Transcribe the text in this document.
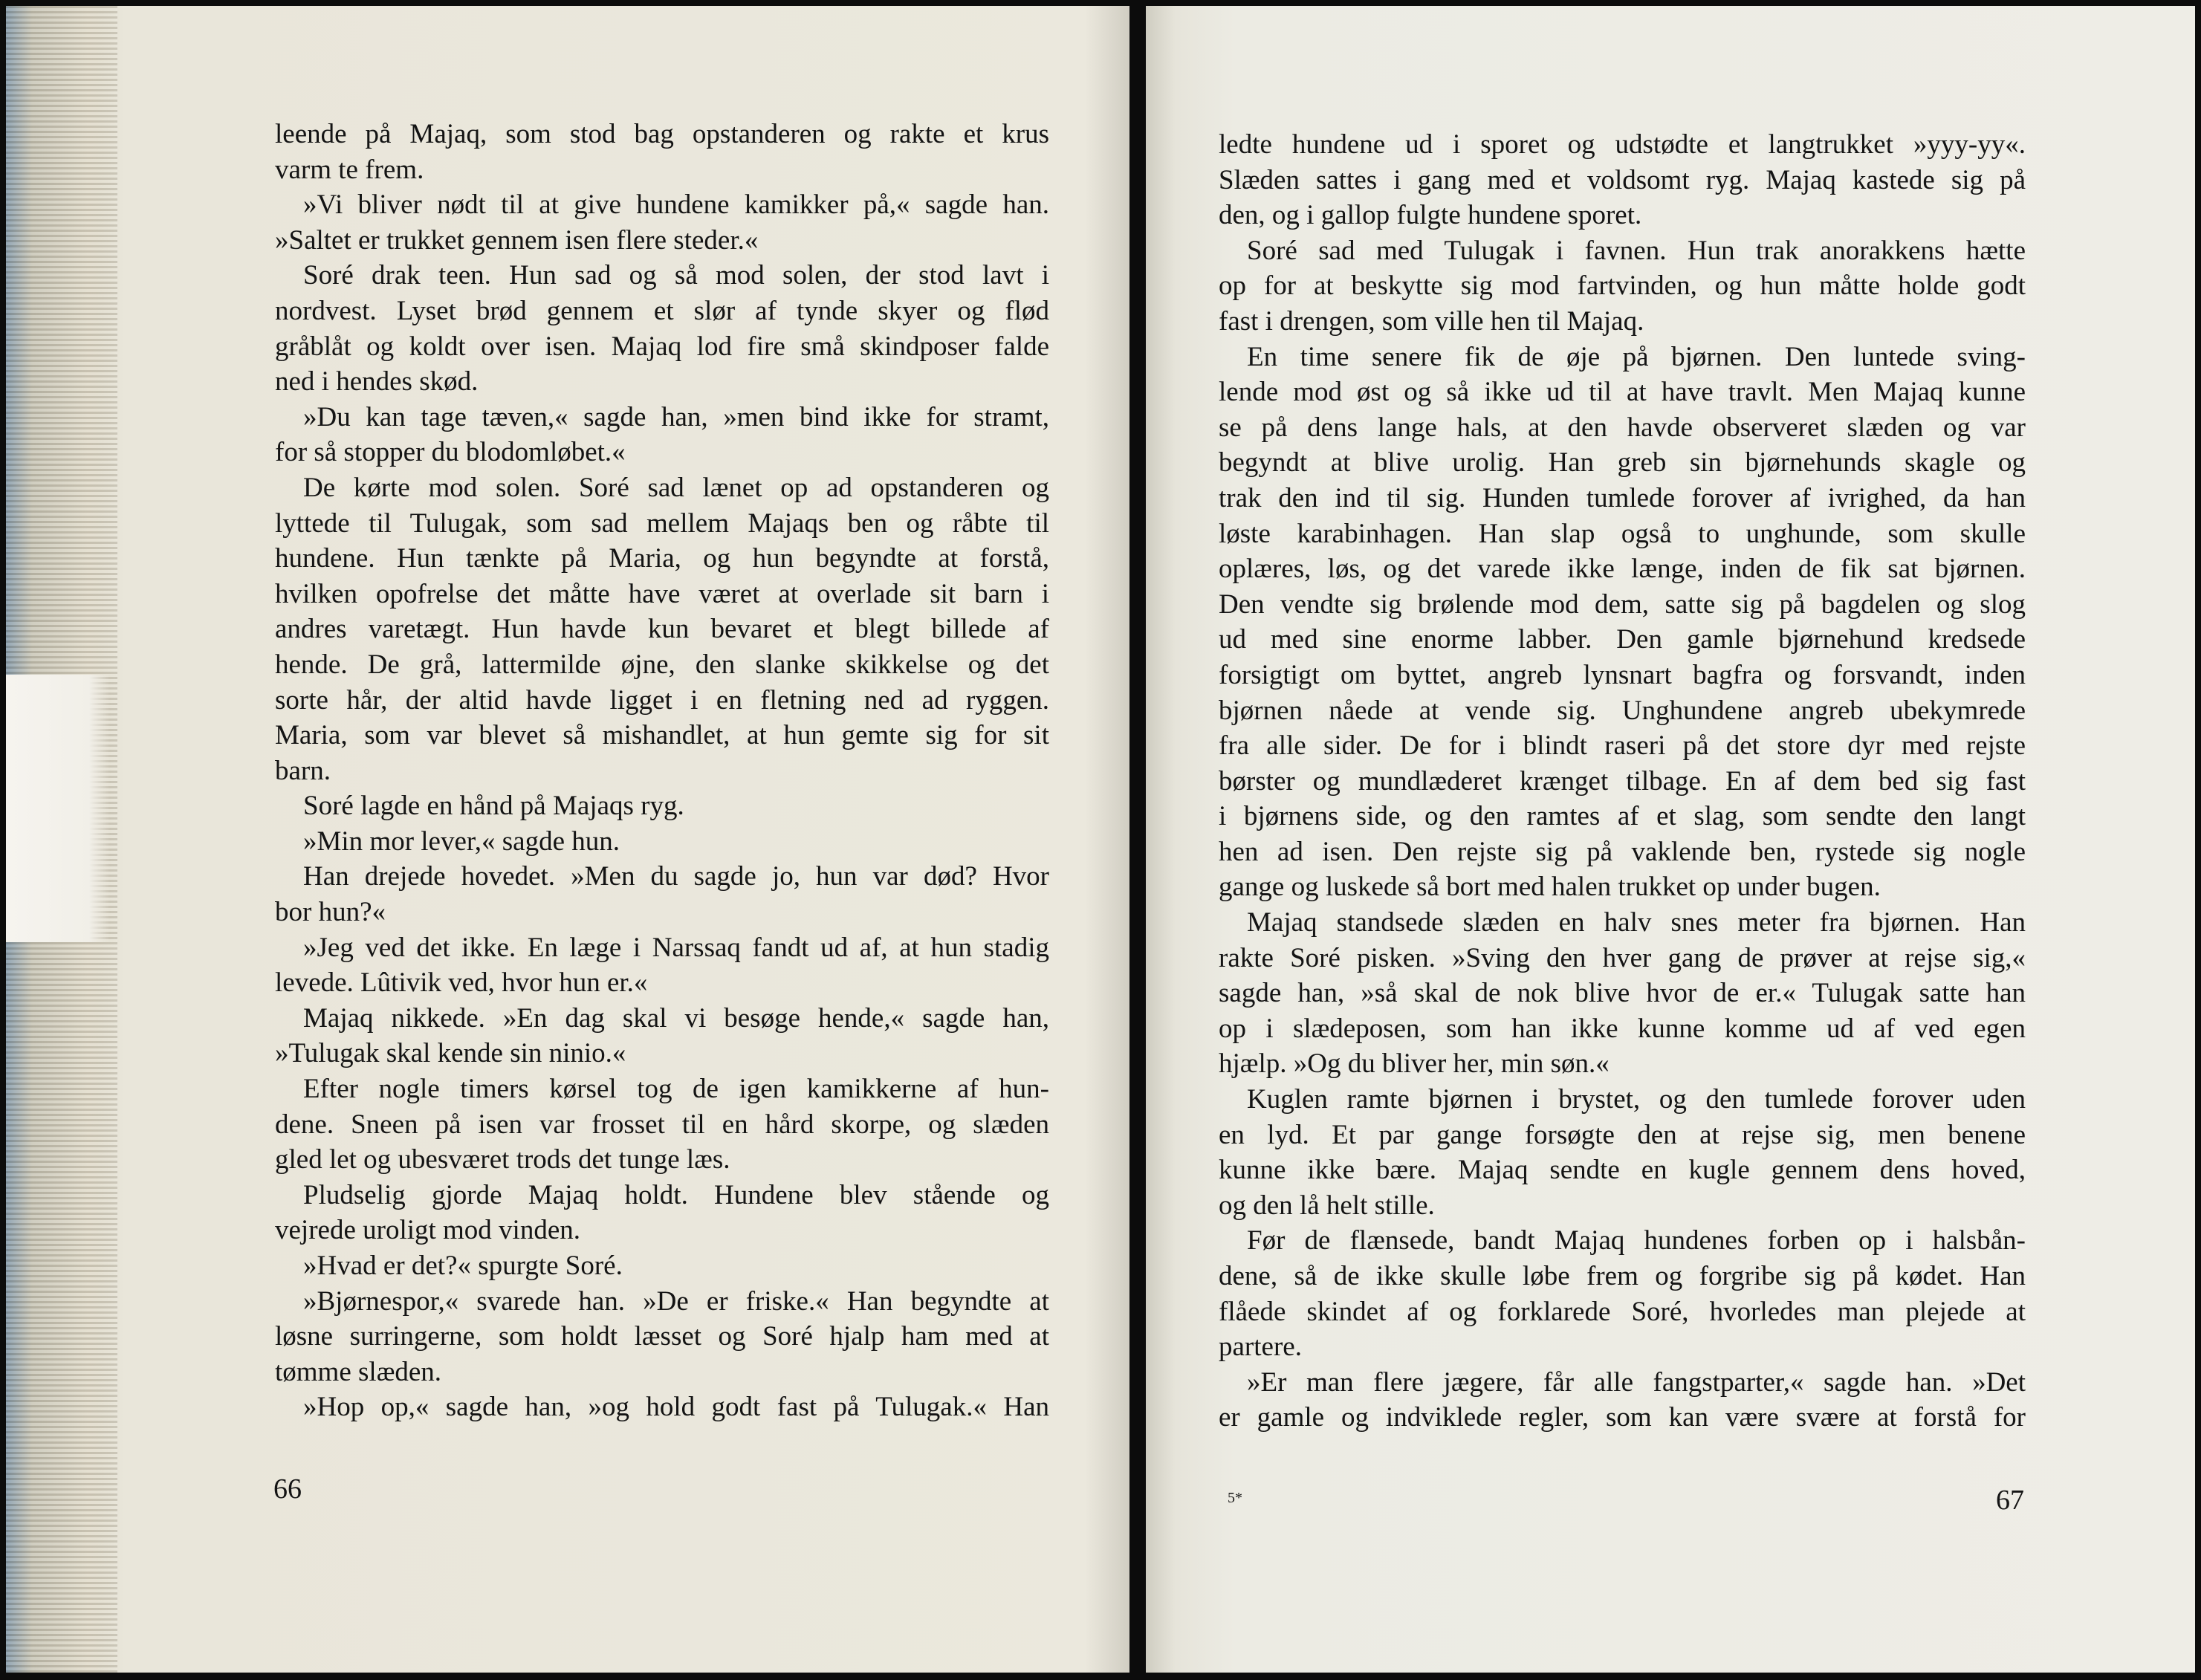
leende på Majaq, som stod bag opstanderen og rakte et krus

varm te frem.

»Vi bliver nødt til at give hundene kamikker på,« sagde han.

»Saltet er trukket gennem isen flere steder.«

Soré drak teen. Hun sad og så mod solen, der stod lavt i

nordvest. Lyset brød gennem et slør af tynde skyer og flød

gråblåt og koldt over isen. Majaq lod fire små skindposer falde

ned i hendes skød.

»Du kan tage tæven,« sagde han, »men bind ikke for stramt,

for så stopper du blodomløbet.«

De kørte mod solen. Soré sad lænet op ad opstanderen og

lyttede til Tulugak, som sad mellem Majaqs ben og råbte til

hundene. Hun tænkte på Maria, og hun begyndte at forstå,

hvilken opofrelse det måtte have været at overlade sit barn i

andres varetægt. Hun havde kun bevaret et blegt billede af

hende. De grå, lattermilde øjne, den slanke skikkelse og det

sorte hår, der altid havde ligget i en fletning ned ad ryggen.

Maria, som var blevet så mishandlet, at hun gemte sig for sit

barn.

Soré lagde en hånd på Majaqs ryg.

»Min mor lever,« sagde hun.

Han drejede hovedet. »Men du sagde jo, hun var død? Hvor

bor hun?«

»Jeg ved det ikke. En læge i Narssaq fandt ud af, at hun stadig

levede. Lûtivik ved, hvor hun er.«

Majaq nikkede. »En dag skal vi besøge hende,« sagde han,

»Tulugak skal kende sin ninio.«

Efter nogle timers kørsel tog de igen kamikkerne af hun-

dene. Sneen på isen var frosset til en hård skorpe, og slæden

gled let og ubesværet trods det tunge læs.

Pludselig gjorde Majaq holdt. Hundene blev stående og

vejrede uroligt mod vinden.

»Hvad er det?« spurgte Soré.

»Bjørnespor,« svarede han. »De er friske.« Han begyndte at

løsne surringerne, som holdt læsset og Soré hjalp ham med at

tømme slæden.

»Hop op,« sagde han, »og hold godt fast på Tulugak.« Han

ledte hundene ud i sporet og udstødte et langtrukket »yyy-yy«.

Slæden sattes i gang med et voldsomt ryg. Majaq kastede sig på

den, og i gallop fulgte hundene sporet.

Soré sad med Tulugak i favnen. Hun trak anorakkens hætte

op for at beskytte sig mod fartvinden, og hun måtte holde godt

fast i drengen, som ville hen til Majaq.

En time senere fik de øje på bjørnen. Den luntede sving-

lende mod øst og så ikke ud til at have travlt. Men Majaq kunne

se på dens lange hals, at den havde observeret slæden og var

begyndt at blive urolig. Han greb sin bjørnehunds skagle og

trak den ind til sig. Hunden tumlede forover af ivrighed, da han

løste karabinhagen. Han slap også to unghunde, som skulle

oplæres, løs, og det varede ikke længe, inden de fik sat bjørnen.

Den vendte sig brølende mod dem, satte sig på bagdelen og slog

ud med sine enorme labber. Den gamle bjørnehund kredsede

forsigtigt om byttet, angreb lynsnart bagfra og forsvandt, inden

bjørnen nåede at vende sig. Unghundene angreb ubekymrede

fra alle sider. De for i blindt raseri på det store dyr med rejste

børster og mundlæderet krænget tilbage. En af dem bed sig fast

i bjørnens side, og den ramtes af et slag, som sendte den langt

hen ad isen. Den rejste sig på vaklende ben, rystede sig nogle

gange og luskede så bort med halen trukket op under bugen.

Majaq standsede slæden en halv snes meter fra bjørnen. Han

rakte Soré pisken. »Sving den hver gang de prøver at rejse sig,«

sagde han, »så skal de nok blive hvor de er.« Tulugak satte han

op i slædeposen, som han ikke kunne komme ud af ved egen

hjælp. »Og du bliver her, min søn.«

Kuglen ramte bjørnen i brystet, og den tumlede forover uden

en lyd. Et par gange forsøgte den at rejse sig, men benene

kunne ikke bære. Majaq sendte en kugle gennem dens hoved,

og den lå helt stille.

Før de flænsede, bandt Majaq hundenes forben op i halsbån-

dene, så de ikke skulle løbe frem og forgribe sig på kødet. Han

flåede skindet af og forklarede Soré, hvorledes man plejede at

partere.

»Er man flere jægere, får alle fangstparter,« sagde han. »Det

er gamle og indviklede regler, som kan være svære at forstå for

66	67
5*
